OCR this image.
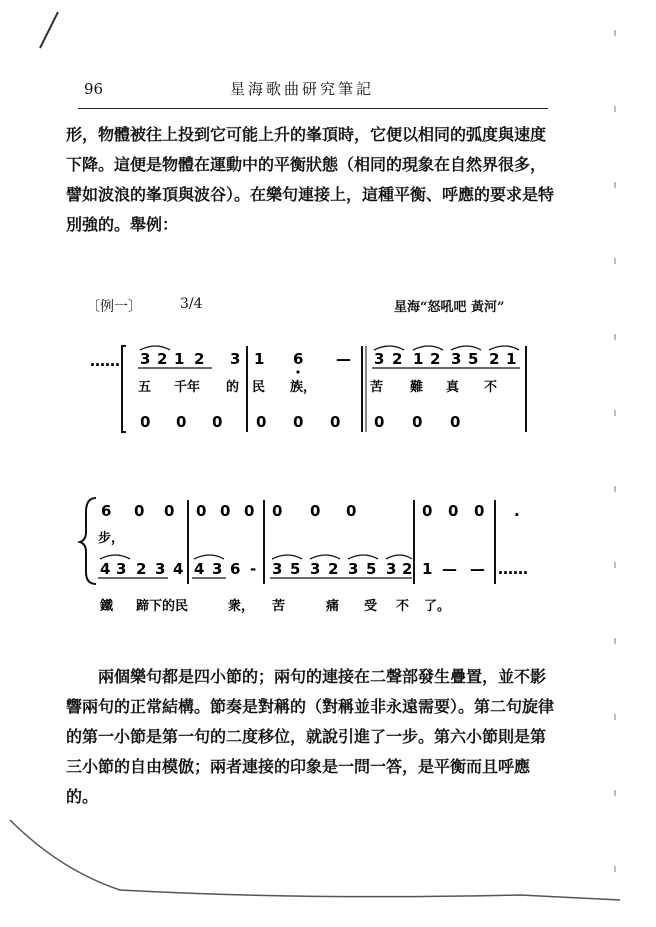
96	星海歌曲研究筆記

形，物體被往上投到它可能上升的峯頂時，它便以相同的弧度與速度下降。這便是物體在運動中的平衡狀態（相同的現象在自然界很多，譬如波浪的峯頂與波谷）。在樂句連接上，這種平衡、呼應的要求是特別強的。舉例：

〔例一〕	3/4	星海“怒吼吧 黃河”
…… 3 2 1 2 3 1 6 — 3 2 1 2 3 5 2 1
五 千年 的 民 族，	苦 難 真 不
0 0 0 0 0 0 0 0 0
6 0 0 0 0 0 0 0 0	0 0 0
步，
·
4 3 2 3 4 4 3 6 - 3 5 3 2 3 5 3 2 1 — — ……
鐵 蹄下的民	衆， 苦	痛 受 不 了。

兩個樂句都是四小節的；兩句的連接在二聲部發生疊置，並不影響兩句的正常結構。節奏是對稱的（對稱並非永遠需要）。第二句旋律的第一小節是第一句的二度移位，就說引進了一步。第六小節則是第三小節的自由模倣；兩者連接的印象是一問一答，是平衡而且呼應的。
